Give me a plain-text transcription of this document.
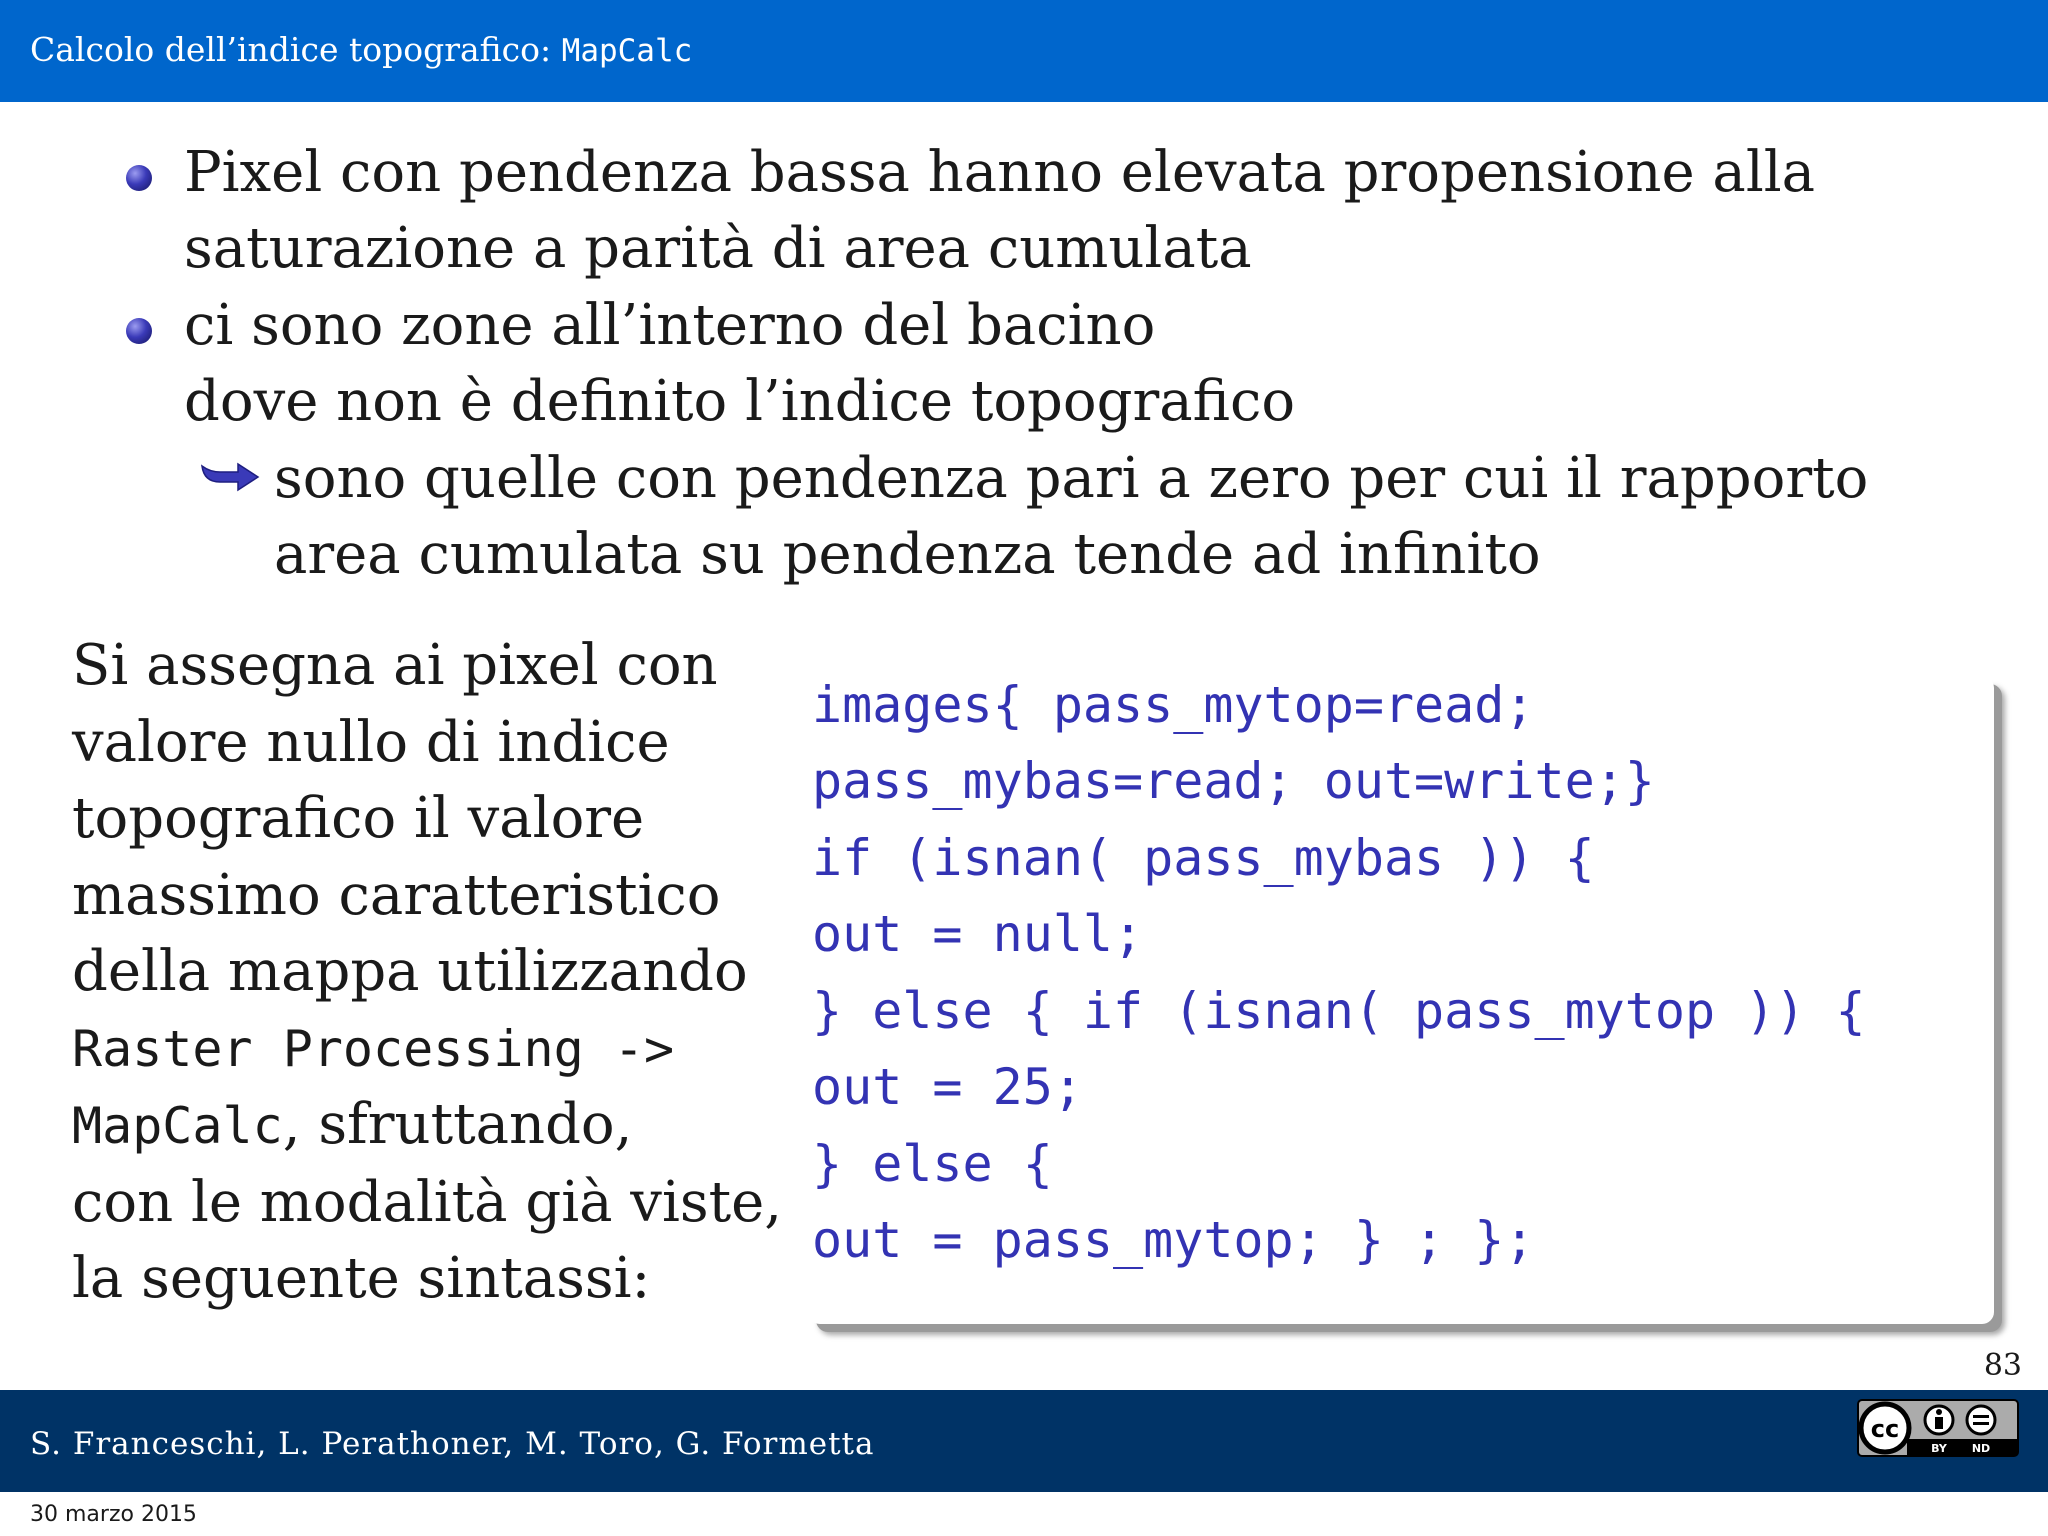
Calcolo dell’indice topografico: MapCalc
Pixel con pendenza bassa hanno elevata propensione alla
saturazione a parità di area cumulata
ci sono zone all’interno del bacino
dove non è definito l’indice topografico
sono quelle con pendenza pari a zero per cui il rapporto
area cumulata su pendenza tende ad infinito
Si assegna ai pixel con
valore nullo di indice
topografico il valore
massimo caratteristico
della mappa utilizzando
Raster Processing ->
MapCalc, sfruttando,
con le modalità già viste,
la seguente sintassi:
images{ pass_mytop=read;
pass_mybas=read; out=write;}
if (isnan( pass_mybas )) {
out = null;
} else { if (isnan( pass_mytop )) {
out = 25;
} else {
out = pass_mytop; } ; };
83
S. Franceschi, L. Perathoner, M. Toro, G. Formetta	cc
BY ND
30 marzo 2015
